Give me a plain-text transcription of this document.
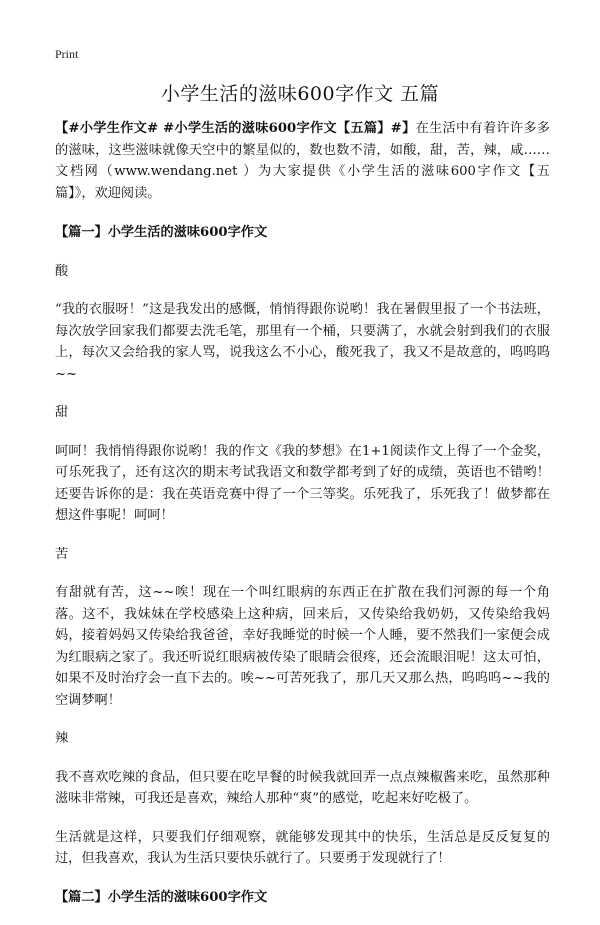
Print
小学生活的滋味600字作文 五篇

【#小学生作文# #小学生活的滋味600字作文【五篇】#】在生活中有着许许多多的滋味，这些滋味就像天空中的繁星似的，数也数不清，如酸，甜，苦，辣，咸……文档网（www.wendang.net ）为大家提供《小学生活的滋味600字作文【五篇】》，欢迎阅读。

【篇一】小学生活的滋味600字作文

酸

“我的衣服呀！”这是我发出的感慨，悄悄得跟你说哟！我在暑假里报了一个书法班，每次放学回家我们都要去洗毛笔，那里有一个桶，只要满了，水就会射到我们的衣服上，每次又会给我的家人骂，说我这么不小心，酸死我了，我又不是故意的，呜呜呜~~

甜

呵呵！我悄悄得跟你说哟！我的作文《我的梦想》在1+1阅读作文上得了一个金奖，可乐死我了，还有这次的期末考试我语文和数学都考到了好的成绩，英语也不错哟！还要告诉你的是：我在英语竞赛中得了一个三等奖。乐死我了，乐死我了！做梦都在想这件事呢！呵呵！

苦

有甜就有苦，这~~唉！现在一个叫红眼病的东西正在扩散在我们河源的每一个角落。这不，我妹妹在学校感染上这种病，回来后，又传染给我奶奶，又传染给我妈妈，接着妈妈又传染给我爸爸，幸好我睡觉的时候一个人睡，要不然我们一家便会成为红眼病之家了。我还听说红眼病被传染了眼睛会很疼，还会流眼泪呢！这太可怕，如果不及时治疗会一直下去的。唉~~可苦死我了，那几天又那么热，呜呜呜~~我的空调梦啊！

辣

我不喜欢吃辣的食品，但只要在吃早餐的时候我就回弄一点点辣椒酱来吃，虽然那种滋味非常辣，可我还是喜欢，辣给人那种“爽”的感觉，吃起来好吃极了。

生活就是这样，只要我们仔细观察，就能够发现其中的快乐，生活总是反反复复的过，但我喜欢，我认为生活只要快乐就行了。只要勇于发现就行了！

【篇二】小学生活的滋味600字作文
